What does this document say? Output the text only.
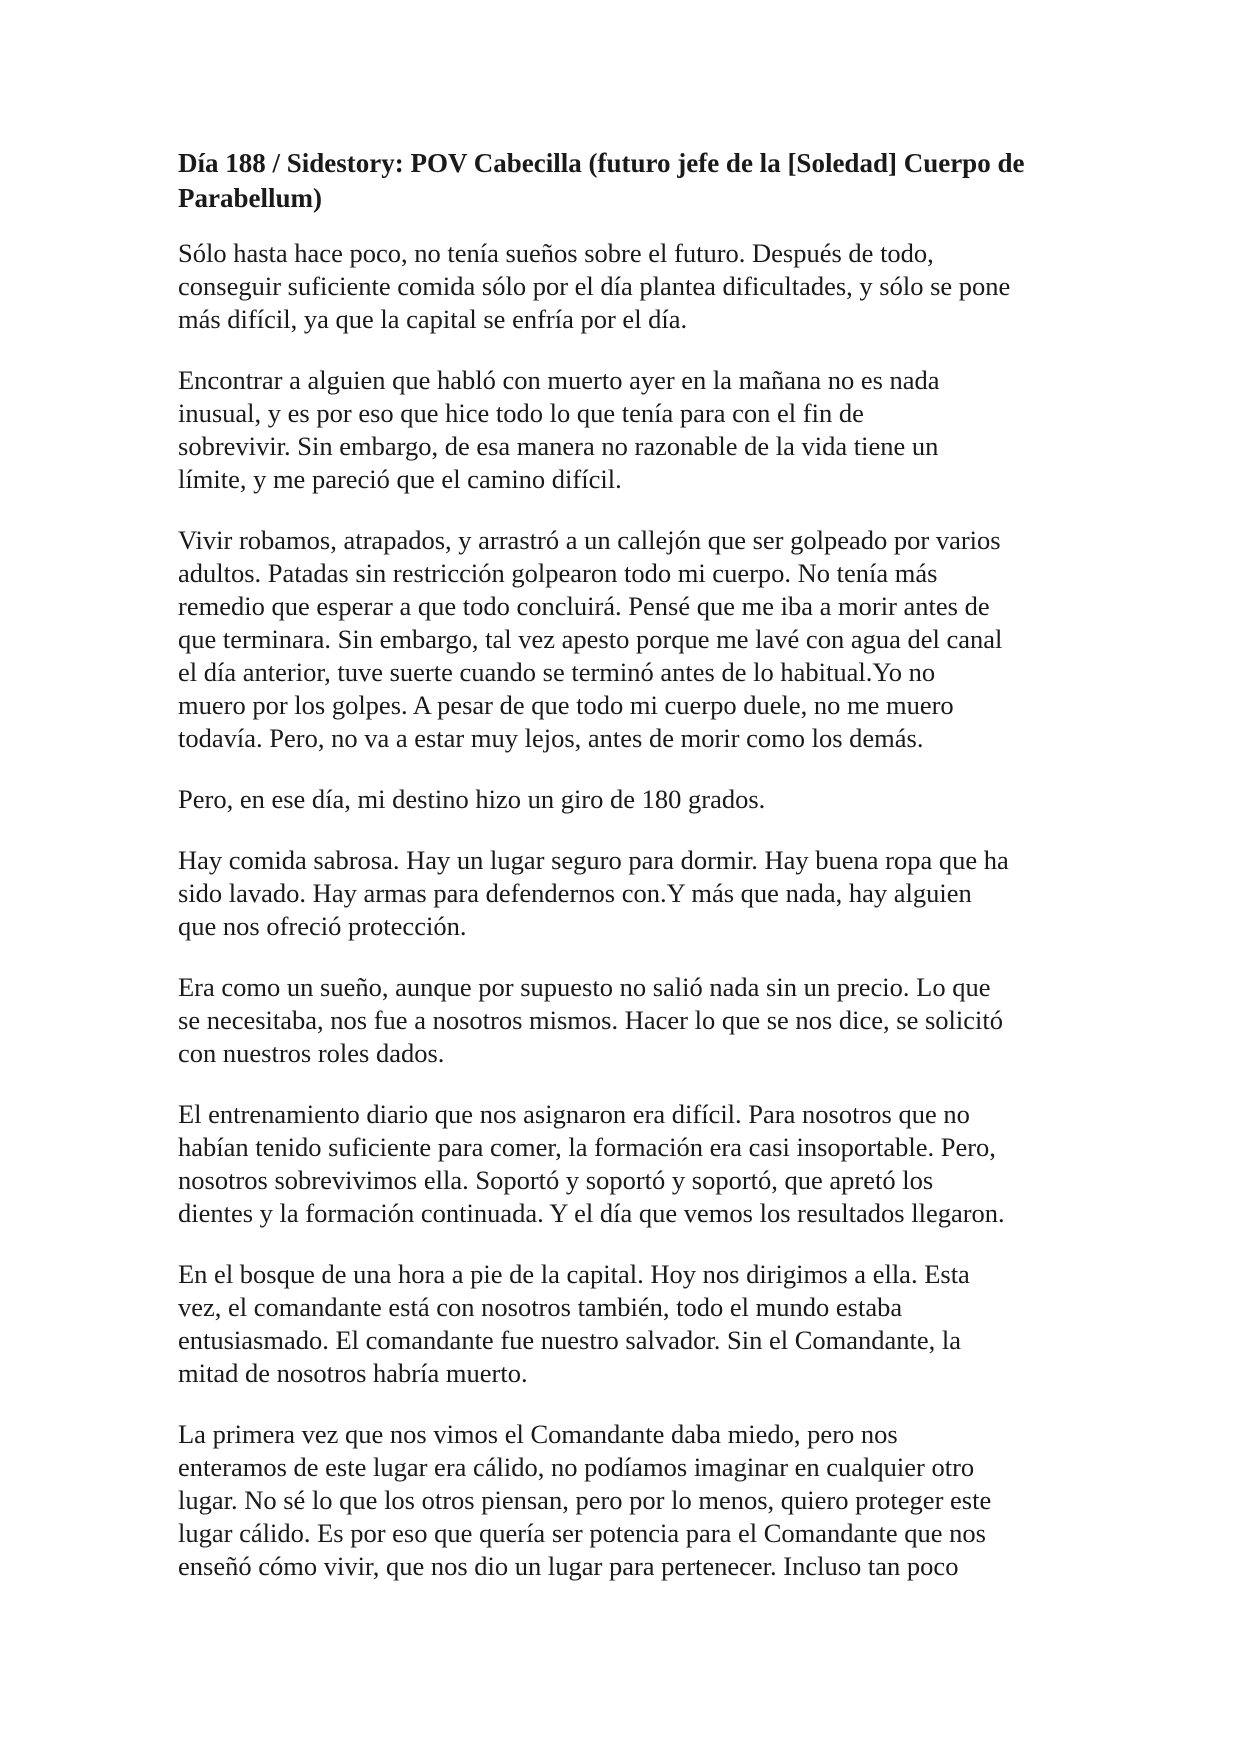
Día 188 / Sidestory: POV Cabecilla (futuro jefe de la [Soledad] Cuerpo de
Parabellum)
Sólo hasta hace poco, no tenía sueños sobre el futuro. Después de todo,
conseguir suficiente comida sólo por el día plantea dificultades, y sólo se pone
más difícil, ya que la capital se enfría por el día.
Encontrar a alguien que habló con muerto ayer en la mañana no es nada
inusual, y es por eso que hice todo lo que tenía para con el fin de
sobrevivir. Sin embargo, de esa manera no razonable de la vida tiene un
límite, y me pareció que el camino difícil.
Vivir robamos, atrapados, y arrastró a un callejón que ser golpeado por varios
adultos. Patadas sin restricción golpearon todo mi cuerpo. No tenía más
remedio que esperar a que todo concluirá. Pensé que me iba a morir antes de
que terminara. Sin embargo, tal vez apesto porque me lavé con agua del canal
el día anterior, tuve suerte cuando se terminó antes de lo habitual.Yo no
muero por los golpes. A pesar de que todo mi cuerpo duele, no me muero
todavía. Pero, no va a estar muy lejos, antes de morir como los demás.
Pero, en ese día, mi destino hizo un giro de 180 grados.
Hay comida sabrosa. Hay un lugar seguro para dormir. Hay buena ropa que ha
sido lavado. Hay armas para defendernos con.Y más que nada, hay alguien
que nos ofreció protección.
Era como un sueño, aunque por supuesto no salió nada sin un precio. Lo que
se necesitaba, nos fue a nosotros mismos. Hacer lo que se nos dice, se solicitó
con nuestros roles dados.
El entrenamiento diario que nos asignaron era difícil. Para nosotros que no
habían tenido suficiente para comer, la formación era casi insoportable. Pero,
nosotros sobrevivimos ella. Soportó y soportó y soportó, que apretó los
dientes y la formación continuada. Y el día que vemos los resultados llegaron.
En el bosque de una hora a pie de la capital. Hoy nos dirigimos a ella. Esta
vez, el comandante está con nosotros también, todo el mundo estaba
entusiasmado. El comandante fue nuestro salvador. Sin el Comandante, la
mitad de nosotros habría muerto.
La primera vez que nos vimos el Comandante daba miedo, pero nos
enteramos de este lugar era cálido, no podíamos imaginar en cualquier otro
lugar. No sé lo que los otros piensan, pero por lo menos, quiero proteger este
lugar cálido. Es por eso que quería ser potencia para el Comandante que nos
enseñó cómo vivir, que nos dio un lugar para pertenecer. Incluso tan poco
